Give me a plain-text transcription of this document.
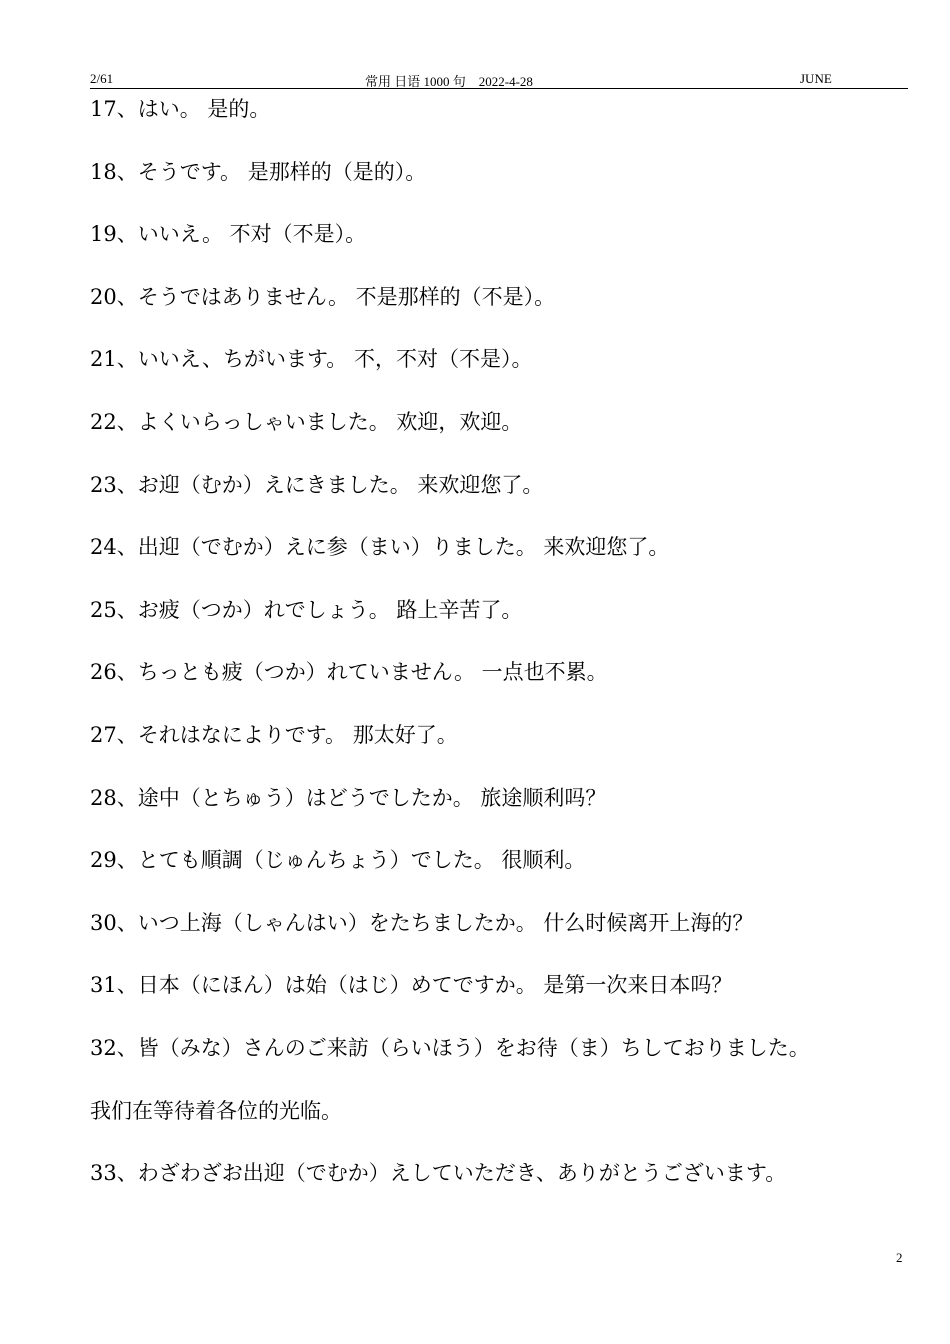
2/61	常用 日语 1000 句　2022-4-28	JUNE
17、はい。 是的。
18、そうです。 是那样的（是的）。
19、いいえ。 不对（不是）。
20、そうではありません。 不是那样的（不是）。
21、いいえ、ちがいます。 不，不对（不是）。
22、よくいらっしゃいました。 欢迎，欢迎。
23、お迎（むか）えにきました。 来欢迎您了。
24、出迎（でむか）えに参（まい）りました。 来欢迎您了。
25、お疲（つか）れでしょう。 路上辛苦了。
26、ちっとも疲（つか）れていません。 一点也不累。
27、それはなによりです。 那太好了。
28、途中（とちゅう）はどうでしたか。 旅途顺利吗？
29、とても順調（じゅんちょう）でした。 很顺利。
30、いつ上海（しゃんはい）をたちましたか。 什么时候离开上海的？
31、日本（にほん）は始（はじ）めてですか。 是第一次来日本吗？
32、皆（みな）さんのご来訪（らいほう）をお待（ま）ちしておりました。
我们在等待着各位的光临。
33、わざわざお出迎（でむか）えしていただき、ありがとうございます。
2
